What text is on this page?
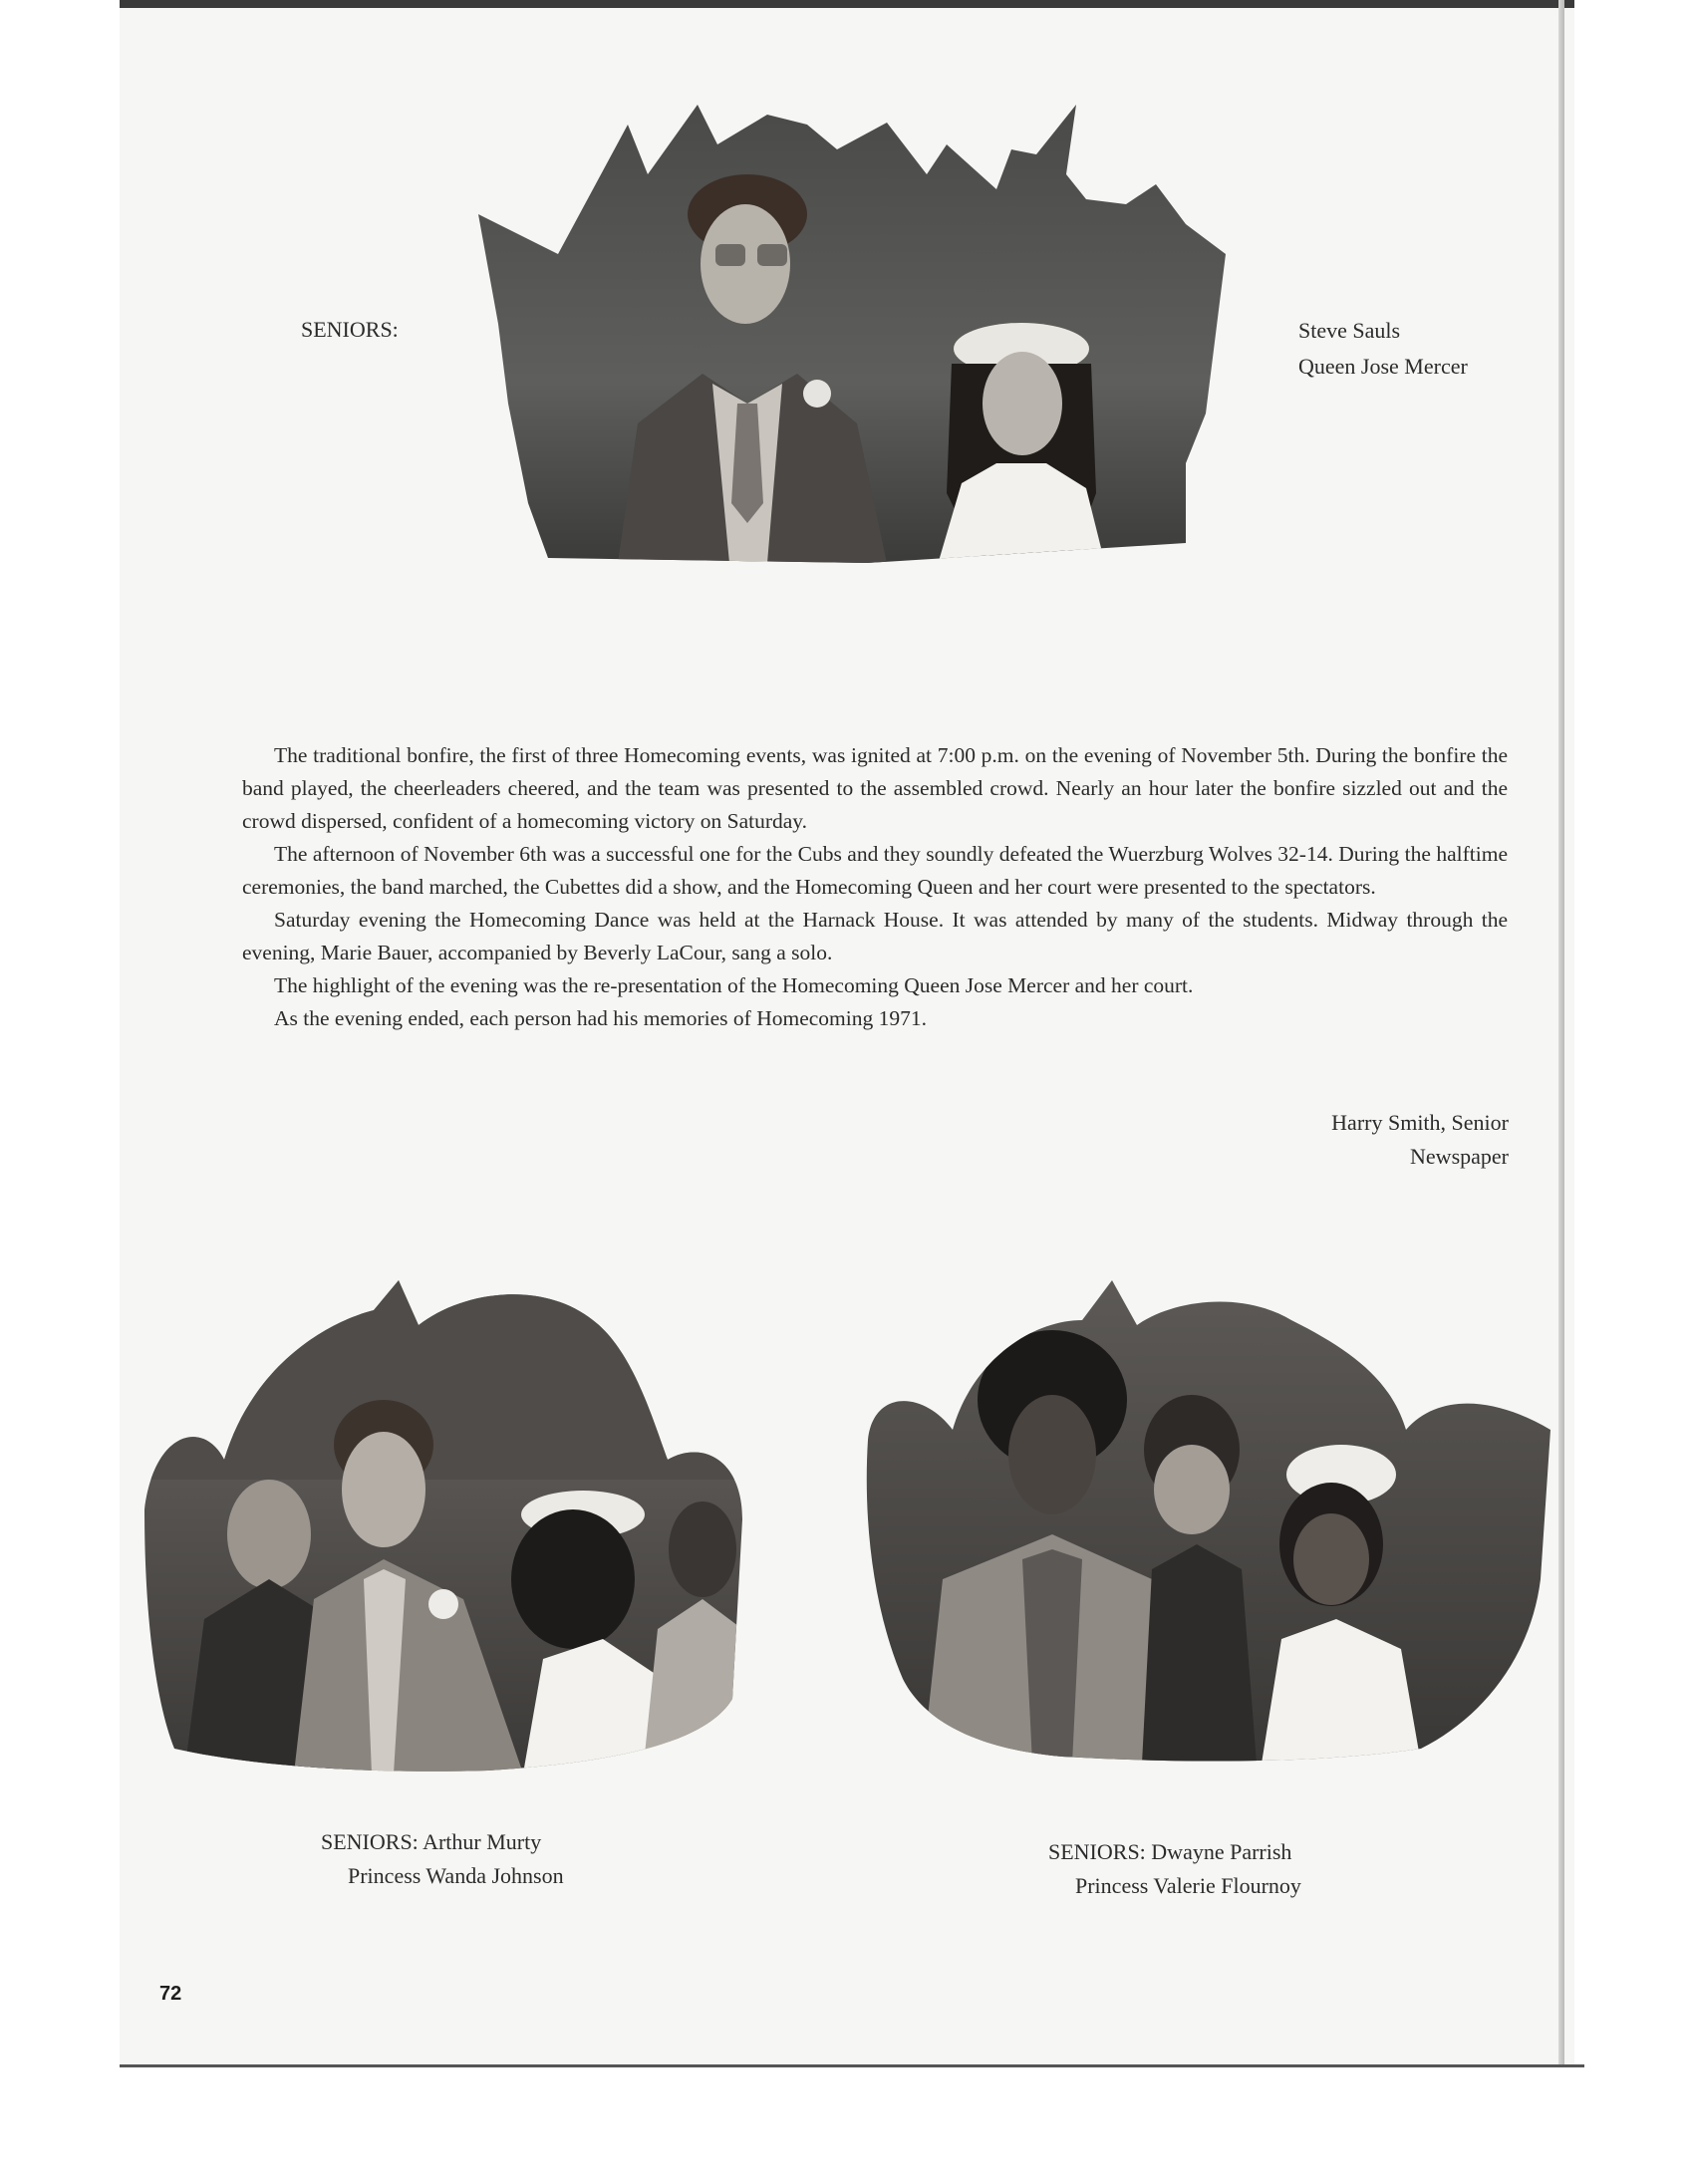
SENIORS:	Steve Sauls
Queen Jose Mercer

The traditional bonfire, the first of three Homecoming events, was ignited at 7:00 p.m. on the evening of November 5th. During the bonfire the band played, the cheerleaders cheered, and the team was presented to the assembled crowd. Nearly an hour later the bonfire sizzled out and the crowd dispersed, confident of a homecoming victory on Saturday.

The afternoon of November 6th was a successful one for the Cubs and they soundly defeated the Wuerzburg Wolves 32-14. During the halftime ceremonies, the band marched, the Cubettes did a show, and the Homecoming Queen and her court were presented to the spectators.

Saturday evening the Homecoming Dance was held at the Harnack House. It was attended by many of the students. Midway through the evening, Marie Bauer, accompanied by Beverly LaCour, sang a solo.

The highlight of the evening was the re-presentation of the Homecoming Queen Jose Mercer and her court.

As the evening ended, each person had his memories of Homecoming 1971.

Harry Smith, Senior
Newspaper
SENIORS: Arthur Murty
Princess Wanda Johnson
SENIORS: Dwayne Parrish
Princess Valerie Flournoy
72
